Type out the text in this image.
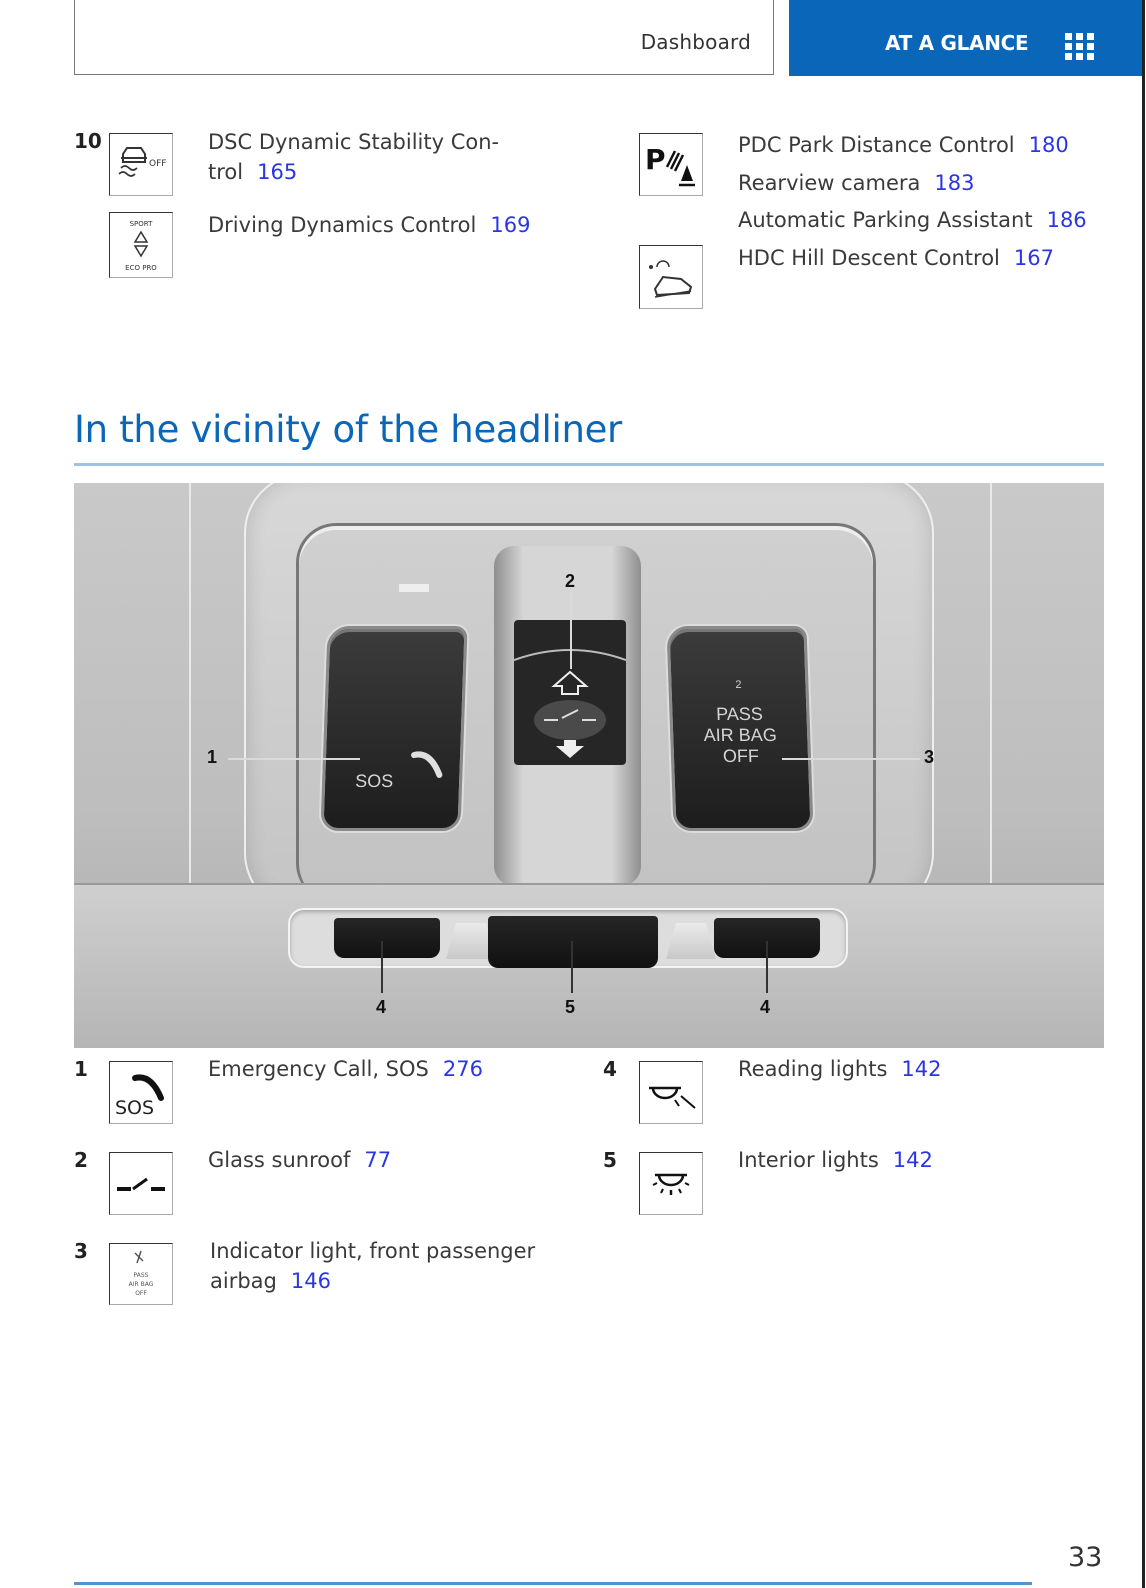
Dashboard	AT A GLANCE
10
OFF
DSC Dynamic Stability Con-
trol 165
SPORT
ECO PRO
Driving Dynamics Control 169
P	PDC Park Distance Control 180
Rearview camera 183
Automatic Parking Assistant 186
HDC Hill Descent Control 167
In the vicinity of the headliner
SOS
2
PASS
AIR BAG
OFF
1
2
3
4	5	4
1
SOS
Emergency Call, SOS 276
2	Glass sunroof 77
3
PASS
AIR BAG
OFF
Indicator light, front passenger
airbag 146
4	Reading lights 142
5	Interior lights 142
33
